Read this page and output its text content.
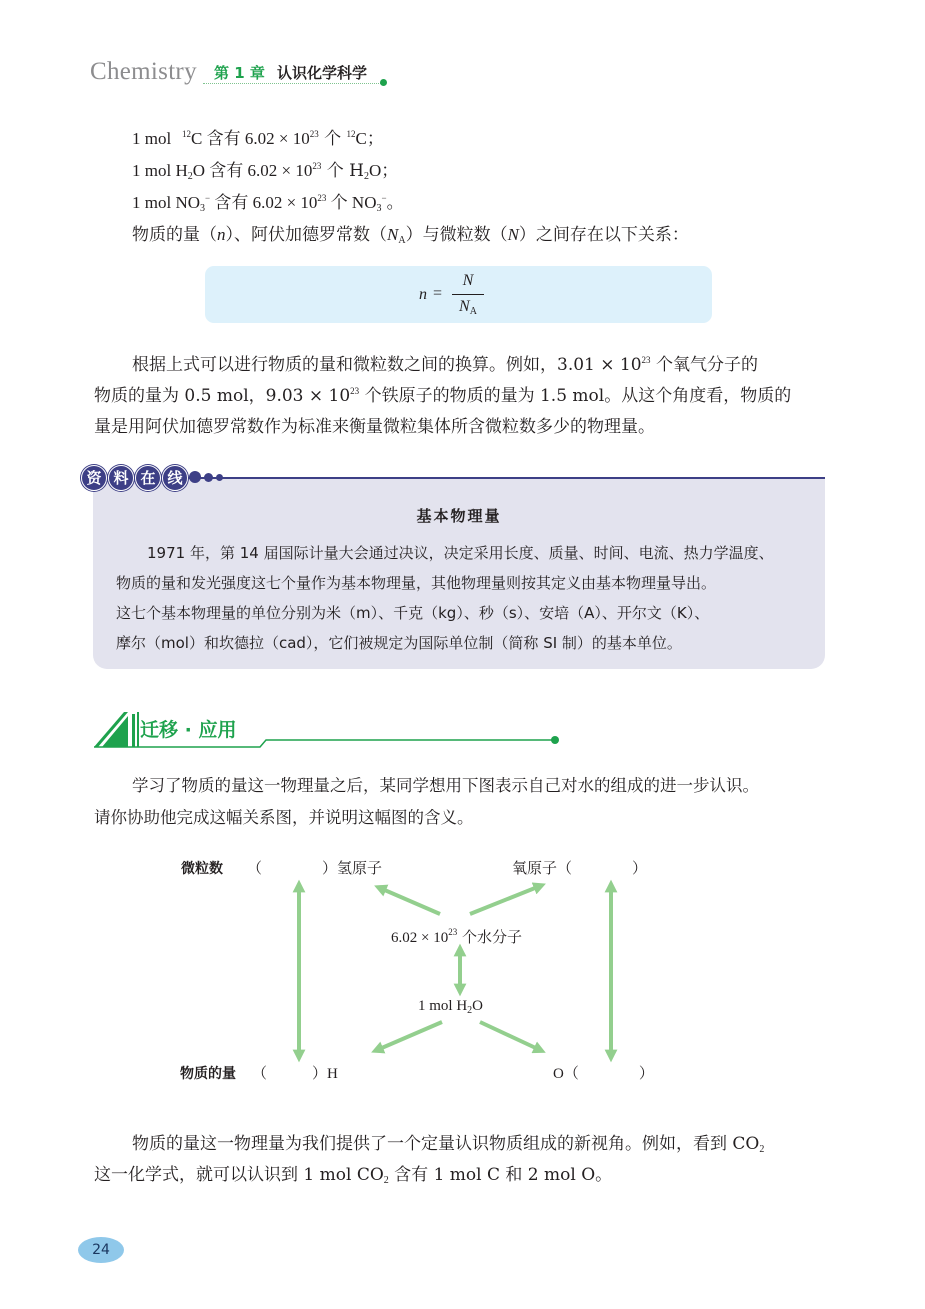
Chemistry 第 1 章 认识化学科学
1 mol $^{12}$C 含有 $6.02 \times 10^{23}$ 个 $^{12}$C；
1 mol $H_2O$ 含有 $6.02 \times 10^{23}$ 个 $H_2O$；
1 mol $NO_3^-$ 含有 $6.02 \times 10^{23}$ 个 $NO_3^-$。
物质的量（n）、阿伏加德罗常数$(N_A)$与微粒数（N）之间存在以下关系：
n =
N
$N_A$
根据上式可以进行物质的量和微粒数之间的换算。例如，$3.01 \times 10^{23}$ 个氧气分子的
物质的量为 0.5 mol，$9.03 \times 10^{23}$ 个铁原子的物质的量为 1.5 mol。从这个角度看，物质的
量是用阿伏加德罗常数作为标准来衡量微粒集体所含微粒数多少的物理量。
资 料 在 线
基本物理量
1971 年，第 14 届国际计量大会通过决议，决定采用长度、质量、时间、电流、热力学温度、
物质的量和发光强度这七个量作为基本物理量，其他物理量则按其定义由基本物理量导出。
这七个基本物理量的单位分别为米（m）、千克（kg）、秒（s）、安培（A）、开尔文（K）、
摩尔（mol）和坎德拉（cad），它们被规定为国际单位制（简称 SI 制）的基本单位。
迁移 · 应用
学习了物质的量这一物理量之后，某同学想用下图表示自己对水的组成的进一步认识。
请你协助他完成这幅关系图，并说明这幅图的含义。
微粒数 （　　　　）氢原子	氧原子（　　　　）
$6.02 \times 10^{23}$ 个水分子
1 mol $H_2O$
物质的量 （　　　）H	O（　　　　）
物质的量这一物理量为我们提供了一个定量认识物质组成的新视角。例如，看到 $CO_2$
这一化学式，就可以认识到 1 mol $CO_2$ 含有 1 mol C 和 2 mol O。
24
